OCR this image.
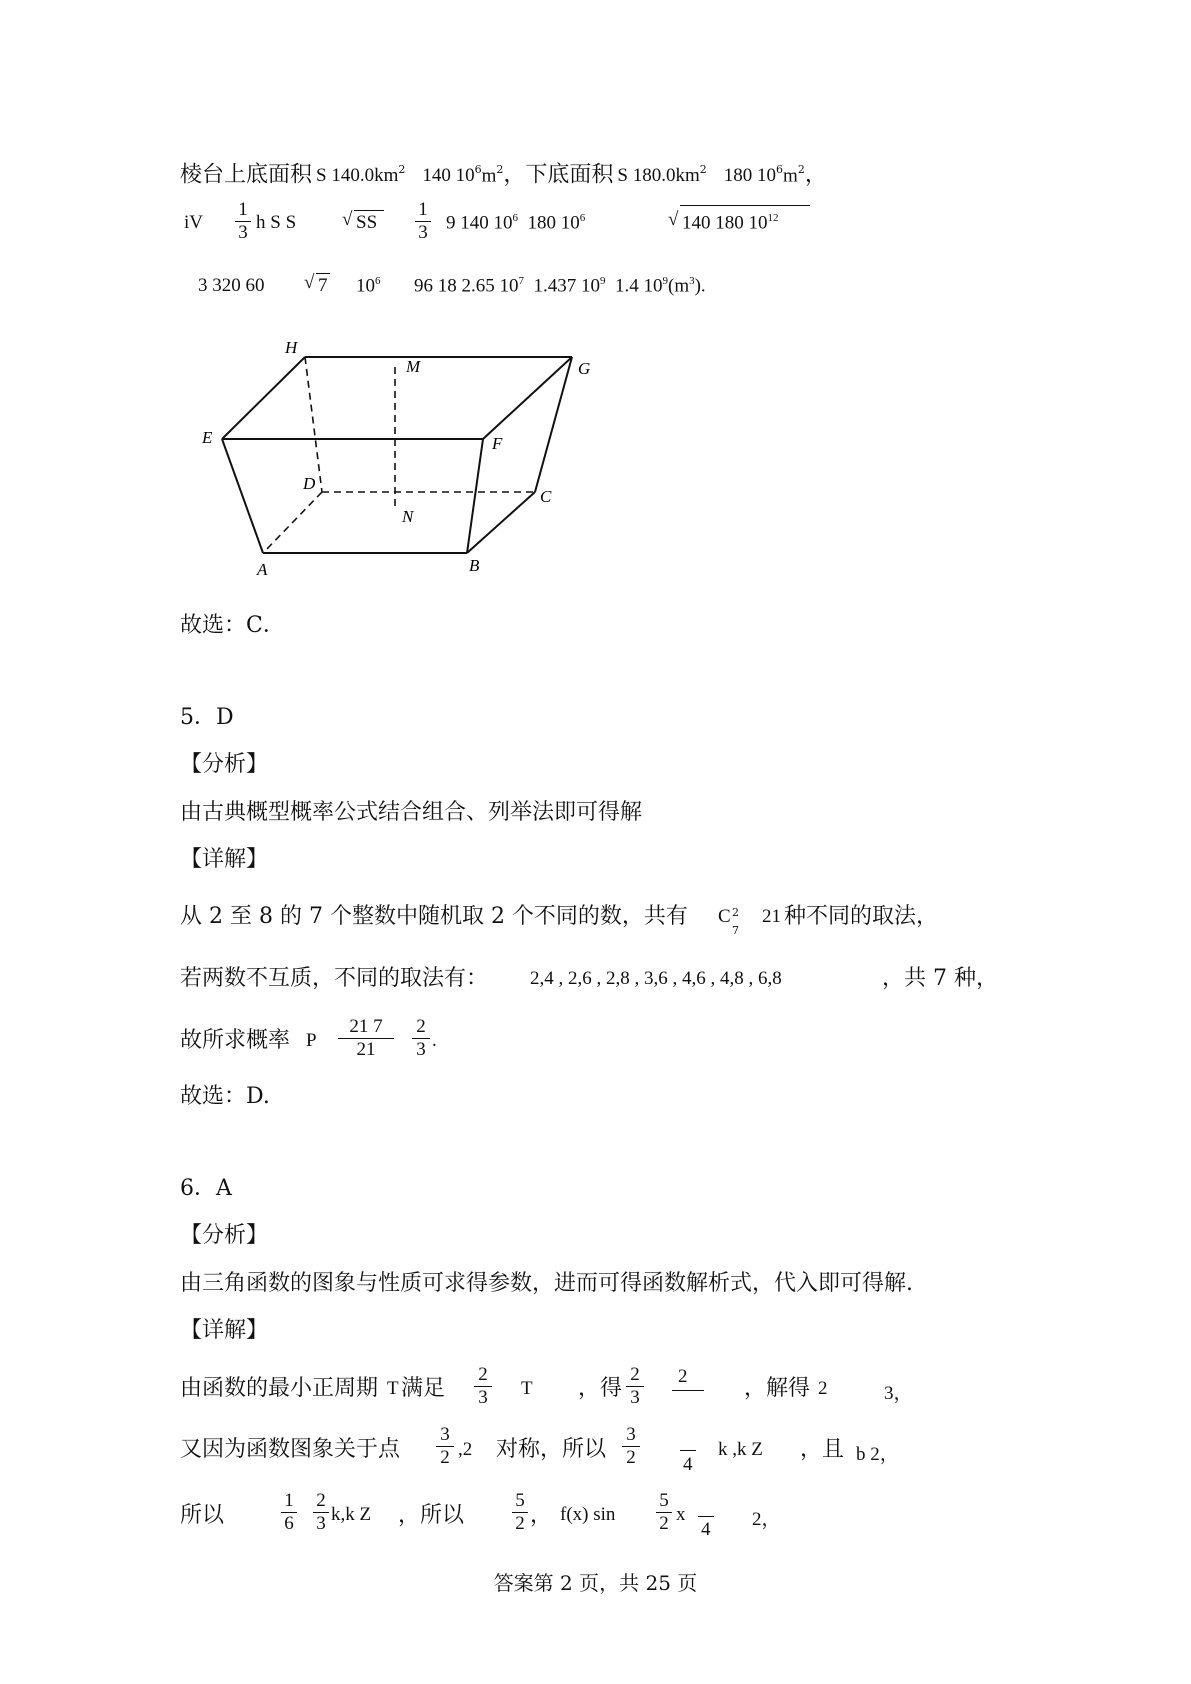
棱台上底面积 S $140.0km^2$ 140 $10^6m^2$，下底面积 S $180.0km^2$ 180 $10^6m^2$，
iV $\frac{1}{3}$ h S S √ SS $\frac{1}{3} 9$ 140 $10^6$ 180 $10^6$	√ 140 180 $10^{12}$
3 320 60 √ 7 $10^6$ 96 18 2.65 $10^7$ 1.437 $10^9$ 1.4 $10^9(m^3)$.
H
G
M
E	F
D
C
N
A	B
故选：C．
5．D
【分析】
由古典概型概率公式结合组合、列举法即可得解
【详解】
从 2 至 8 的 7 个整数中随机取 2 个不同的数，共有 C 2
7
21 种不同的取法，
若两数不互质，不同的取法有： 2,4 , 2,6 , 2,8 , 3,6 , 4,6 , 4,8 , 6,8	，共 7 种，
故所求概率 P $\frac{21 7}{21} \frac{2}{3}$ .
故选：D.
6．A
【分析】
由三角函数的图象与性质可求得参数，进而可得函数解析式，代入即可得解.
【详解】
由函数的最小正周期 T 满足 $\frac{2}{3}$ T ，得 $\frac{2}{3} 2$	，解得 2	3，
又因为函数图象关于点 $\frac{3}{2} ,2$ 对称，所以 $\frac{3}{2} 4$
k ,k Z ，且 b 2，
所以	$\frac{1}{6} \frac{2}{3} k,k$ Z ，所以	$\frac{5}{2}$ ， f(x) $\sin \frac{5}{2}$ x
4 2，
答案第 2 页，共 25 页
